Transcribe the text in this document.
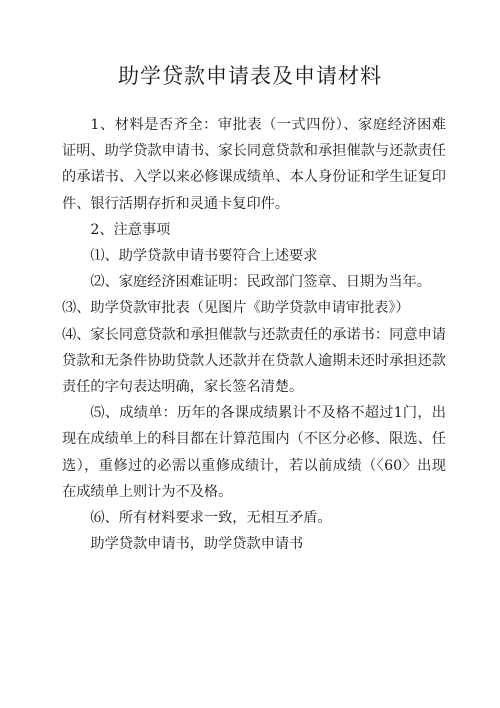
助学贷款申请表及申请材料

1、材料是否齐全：审批表（一式四份）、家庭经济困难证明、助学贷款申请书、家长同意贷款和承担催款与还款责任的承诺书、入学以来必修课成绩单、本人身份证和学生证复印件、银行活期存折和灵通卡复印件。

2、注意事项

⑴、助学贷款申请书要符合上述要求

⑵、家庭经济困难证明：民政部门签章、日期为当年。

⑶、助学贷款审批表（见图片《助学贷款申请审批表》）

⑷、家长同意贷款和承担催款与还款责任的承诺书：同意申请贷款和无条件协助贷款人还款并在贷款人逾期未还时承担还款责任的字句表达明确，家长签名清楚。

⑸、成绩单：历年的各课成绩累计不及格不超过1门，出现在成绩单上的科目都在计算范围内（不区分必修、限选、任选），重修过的必需以重修成绩计，若以前成绩（〈60〉出现在成绩单上则计为不及格。

⑹、所有材料要求一致，无相互矛盾。

助学贷款申请书，助学贷款申请书
